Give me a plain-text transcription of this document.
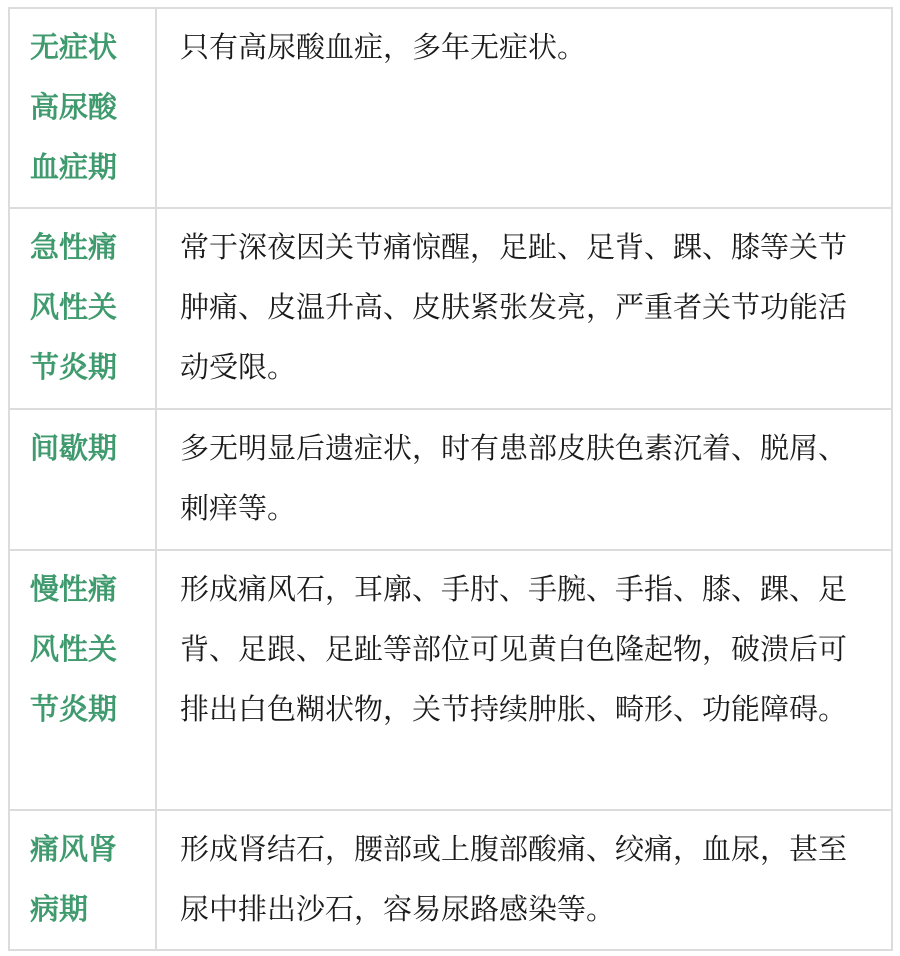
无症状高尿酸血症期	只有高尿酸血症，多年无症状。

急性痛风性关节炎期	常于深夜因关节痛惊醒，足趾、足背、踝、膝等关节肿痛、皮温升高、皮肤紧张发亮，严重者关节功能活动受限。

间歇期	多无明显后遗症状，时有患部皮肤色素沉着、脱屑、刺痒等。

慢性痛风性关节炎期	形成痛风石，耳廓、手肘、手腕、手指、膝、踝、足背、足跟、足趾等部位可见黄白色隆起物，破溃后可排出白色糊状物，关节持续肿胀、畸形、功能障碍。

痛风肾病期	形成肾结石，腰部或上腹部酸痛、绞痛，血尿，甚至尿中排出沙石，容易尿路感染等。
